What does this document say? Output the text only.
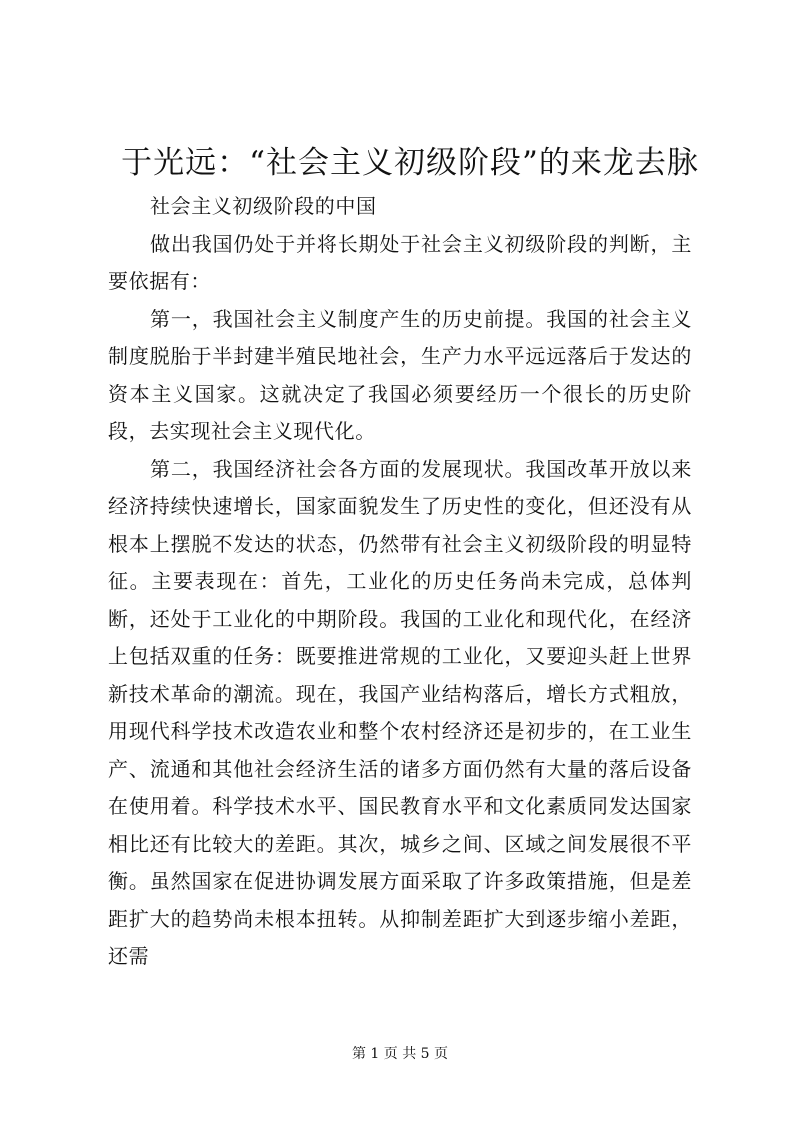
于光远：“社会主义初级阶段”的来龙去脉

社会主义初级阶段的中国

做出我国仍处于并将长期处于社会主义初级阶段的判断，主要依据有：

第一，我国社会主义制度产生的历史前提。我国的社会主义制度脱胎于半封建半殖民地社会，生产力水平远远落后于发达的资本主义国家。这就决定了我国必须要经历一个很长的历史阶段，去实现社会主义现代化。

第二，我国经济社会各方面的发展现状。我国改革开放以来经济持续快速增长，国家面貌发生了历史性的变化，但还没有从根本上摆脱不发达的状态，仍然带有社会主义初级阶段的明显特征。主要表现在：首先，工业化的历史任务尚未完成，总体判断，还处于工业化的中期阶段。我国的工业化和现代化，在经济上包括双重的任务：既要推进常规的工业化，又要迎头赶上世界新技术革命的潮流。现在，我国产业结构落后，增长方式粗放，用现代科学技术改造农业和整个农村经济还是初步的，在工业生产、流通和其他社会经济生活的诸多方面仍然有大量的落后设备在使用着。科学技术水平、国民教育水平和文化素质同发达国家相比还有比较大的差距。其次，城乡之间、区域之间发展很不平衡。虽然国家在促进协调发展方面采取了许多政策措施，但是差距扩大的趋势尚未根本扭转。从抑制差距扩大到逐步缩小差距，还需

第 1 页 共 5 页
